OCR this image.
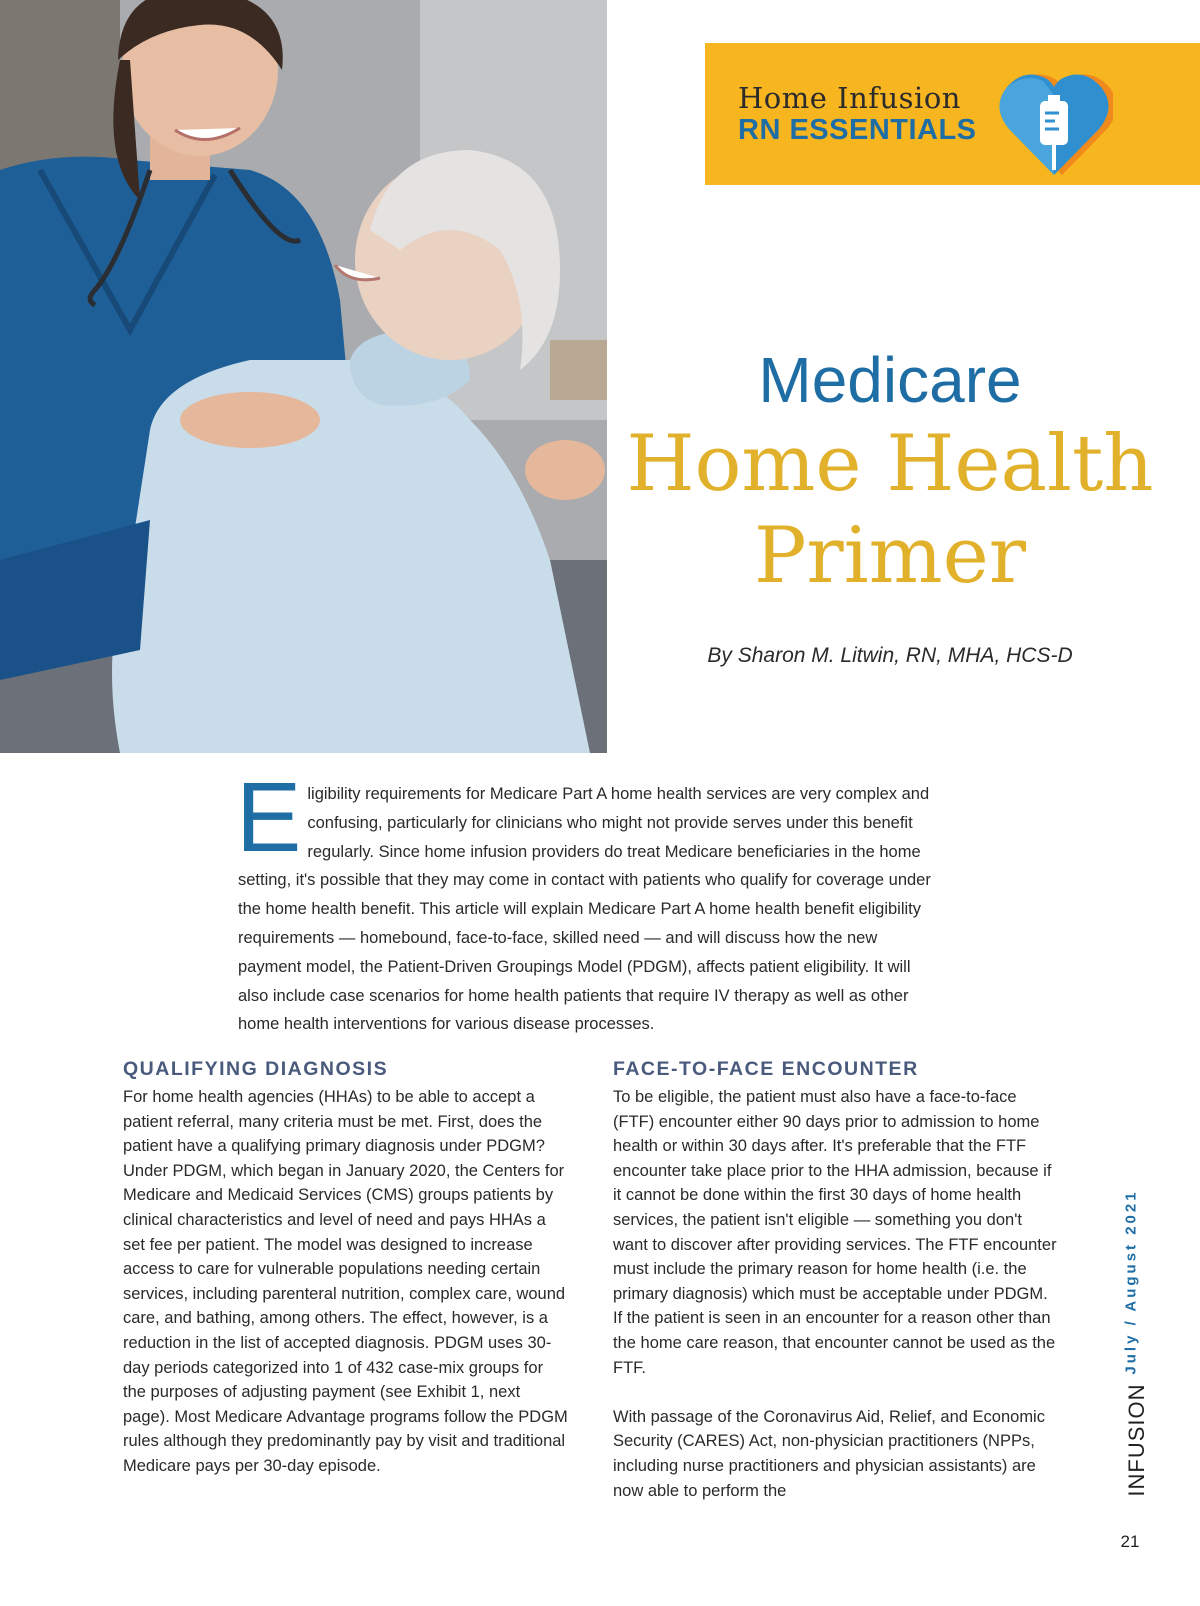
Home Infusion
RN ESSENTIALS
Medicare
Home Health
Primer
By Sharon M. Litwin, RN, MHA, HCS-D
Eligibility requirements for Medicare Part A home health services are very complex and confusing, particularly for clinicians who might not provide serves under this benefit regularly. Since home infusion providers do treat Medicare beneficiaries in the home setting, it's possible that they may come in contact with patients who qualify for coverage under the home health benefit. This article will explain Medicare Part A home health benefit eligibility requirements — homebound, face-to-face, skilled need — and will discuss how the new payment model, the Patient-Driven Groupings Model (PDGM), affects patient eligibility. It will also include case scenarios for home health patients that require IV therapy as well as other home health interventions for various disease processes.
QUALIFYING DIAGNOSIS

For home health agencies (HHAs) to be able to accept a patient referral, many criteria must be met. First, does the patient have a qualifying primary diagnosis under PDGM? Under PDGM, which began in January 2020, the Centers for Medicare and Medicaid Services (CMS) groups patients by clinical characteristics and level of need and pays HHAs a set fee per patient. The model was designed to increase access to care for vulnerable populations needing certain services, including parenteral nutrition, complex care, wound care, and bathing, among others. The effect, however, is a reduction in the list of accepted diagnosis. PDGM uses 30-day periods categorized into 1 of 432 case-mix groups for the purposes of adjusting payment (see Exhibit 1, next page). Most Medicare Advantage programs follow the PDGM rules although they predominantly pay by visit and traditional Medicare pays per 30-day episode.

FACE-TO-FACE ENCOUNTER

To be eligible, the patient must also have a face-to-face (FTF) encounter either 90 days prior to admission to home health or within 30 days after. It's preferable that the FTF encounter take place prior to the HHA admission, because if it cannot be done within the first 30 days of home health services, the patient isn't eligible — something you don't want to discover after providing services. The FTF encounter must include the primary reason for home health (i.e. the primary diagnosis) which must be acceptable under PDGM. If the patient is seen in an encounter for a reason other than the home care reason, that encounter cannot be used as the FTF.

With passage of the Coronavirus Aid, Relief, and Economic Security (CARES) Act, non-physician practitioners (NPPs, including nurse practitioners and physician assistants) are now able to perform the

July / August 2021
INFUSION
21
